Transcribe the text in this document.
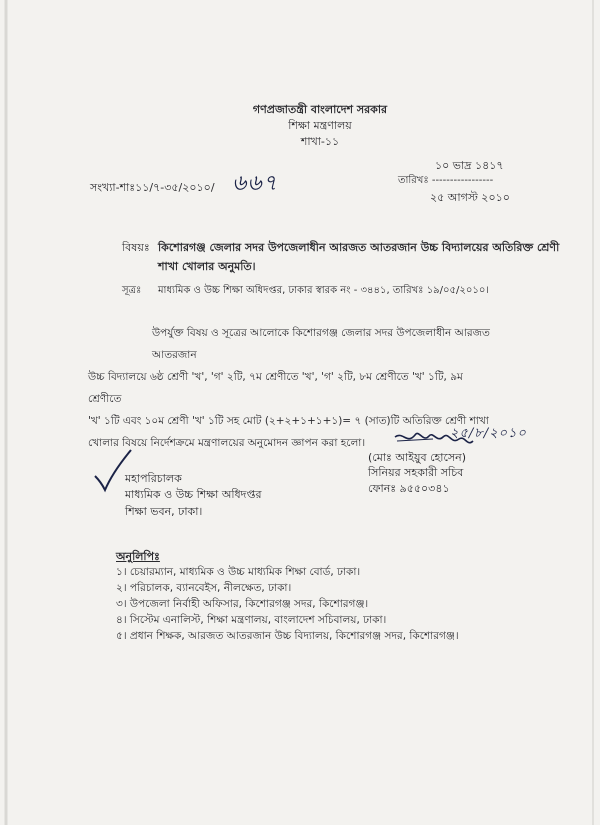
গণপ্রজাতন্ত্রী বাংলাদেশ সরকার
শিক্ষা মন্ত্রণালয়
শাখা-১১
১০ ভাদ্র ১৪১৭
তারিখঃ -----------------
২৫ আগস্ট ২০১০
সংখ্যা-শাঃ১১/৭-৩৫/২০১০/ ৬৬৭
বিষয়ঃ কিশোরগঞ্জ জেলার সদর উপজেলাধীন আরজত আতরজান উচ্চ বিদ্যালয়ের অতিরিক্ত শ্রেণী
শাখা খোলার অনুমতি।
সূত্রঃ মাধ্যমিক ও উচ্চ শিক্ষা অধিদপ্তর, ঢাকার স্বারক নং - ৩৪৪১, তারিখঃ ১৯/০৫/২০১০।

উপর্যুক্ত বিষয় ও সূত্রের আলোকে কিশোরগঞ্জ জেলার সদর উপজেলাধীন আরজত আতরজান

উচ্চ বিদ্যালয়ে ৬ষ্ঠ শ্রেণী 'খ', 'গ' ২টি, ৭ম শ্রেণীতে 'খ', 'গ' ২টি, ৮ম শ্রেণীতে 'খ' ১টি, ৯ম শ্রেণীতে

'খ' ১টি এবং ১০ম শ্রেণী 'খ' ১টি সহ মোট (২+২+১+১+১)= ৭ (সাত)টি অতিরিক্ত শ্রেণী শাখা

খোলার বিষয়ে নির্দেশক্রমে মন্ত্রণালয়ের অনুমোদন জ্ঞাপন করা হলো।

২৫/৮/২০১০
(মোঃ আইয়ুব হোসেন)
সিনিয়র সহকারী সচিব
ফোনঃ ৯৫৫০৩৪১
মহাপরিচালক
মাধ্যমিক ও উচ্চ শিক্ষা অধিদপ্তর
শিক্ষা ভবন, ঢাকা।
অনুলিপিঃ
১। চেয়ারম্যান, মাধ্যমিক ও উচ্চ মাধ্যমিক শিক্ষা বোর্ড, ঢাকা।
২। পরিচালক, ব্যানবেইস, নীলক্ষেত, ঢাকা।
৩। উপজেলা নির্বাহী অফিসার, কিশোরগঞ্জ সদর, কিশোরগঞ্জ।
৪। সিস্টেম এনালিস্ট, শিক্ষা মন্ত্রণালয়, বাংলাদেশ সচিবালয়, ঢাকা।
৫। প্রধান শিক্ষক, আরজত আতরজান উচ্চ বিদ্যালয়, কিশোরগঞ্জ সদর, কিশোরগঞ্জ।
